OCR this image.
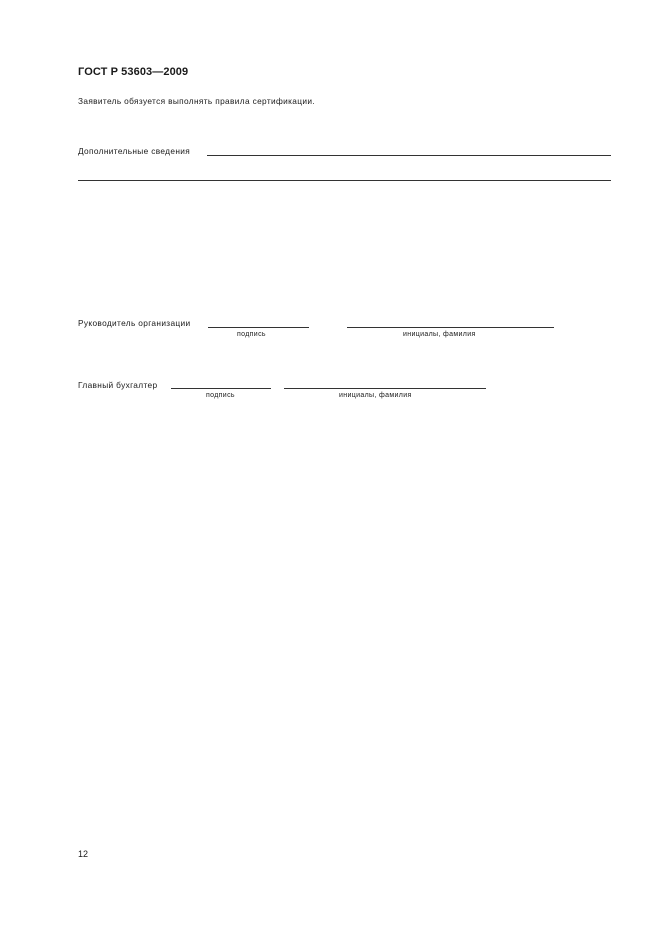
ГОСТ Р 53603—2009
Заявитель обязуется выполнять правила сертификации.
Дополнительные сведения
Руководитель организации
подпись	инициалы, фамилия
Главный бухгалтер
подпись	инициалы, фамилия
12
